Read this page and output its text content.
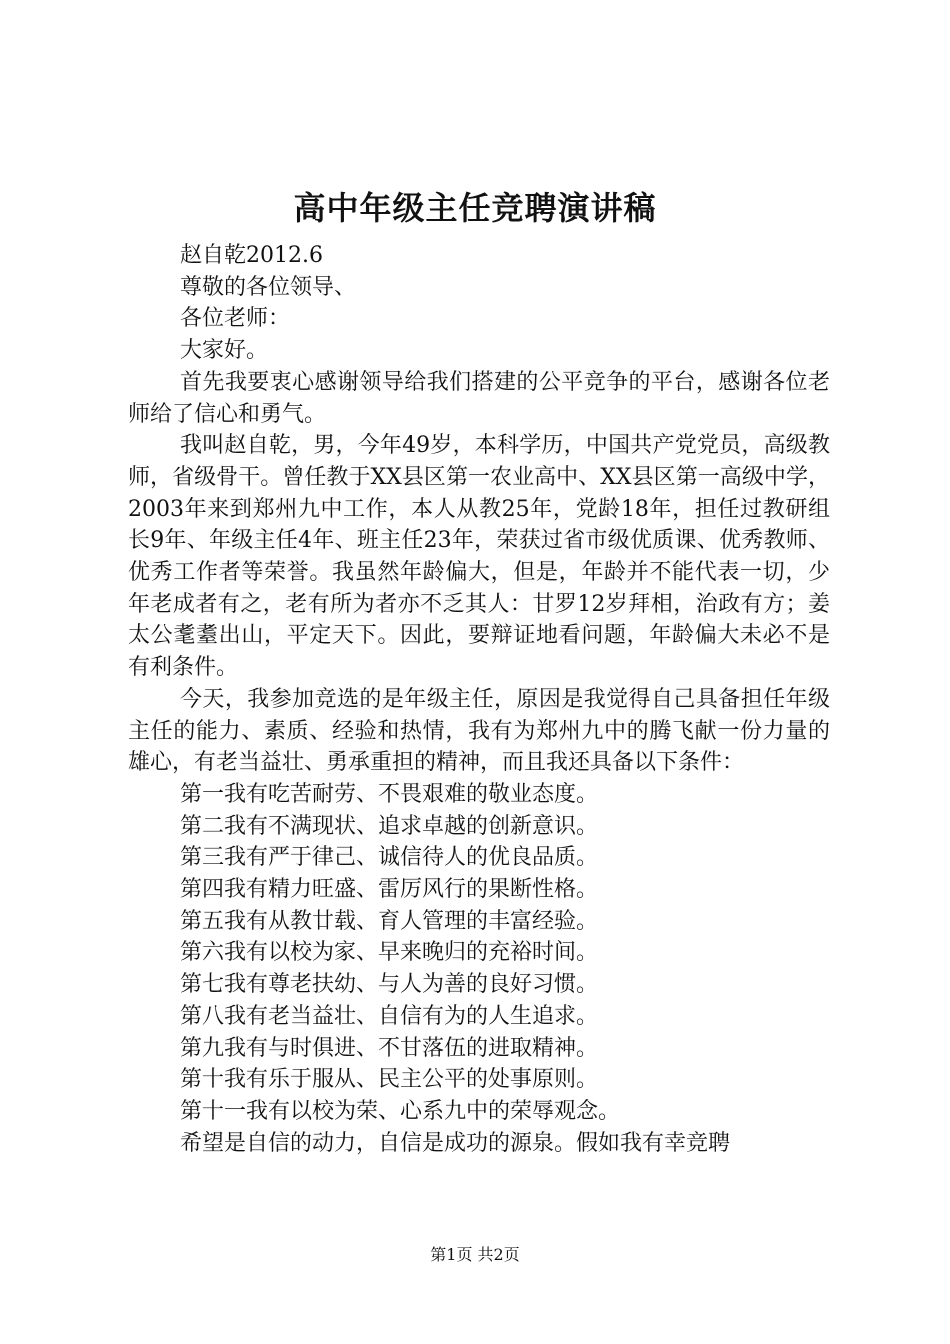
高中年级主任竞聘演讲稿
赵自乾2012.6
尊敬的各位领导、
各位老师：
大家好。
首先我要衷心感谢领导给我们搭建的公平竞争的平台，感谢各位老师给了信心和勇气。
我叫赵自乾，男，今年49岁，本科学历，中国共产党党员，高级教师，省级骨干。曾任教于XX县区第一农业高中、XX县区第一高级中学，2003年来到郑州九中工作，本人从教25年，党龄18年，担任过教研组长9年、年级主任4年、班主任23年，荣获过省市级优质课、优秀教师、优秀工作者等荣誉。我虽然年龄偏大，但是，年龄并不能代表一切，少年老成者有之，老有所为者亦不乏其人：甘罗12岁拜相，治政有方；姜太公耄耋出山，平定天下。因此，要辩证地看问题，年龄偏大未必不是有利条件。
今天，我参加竞选的是年级主任，原因是我觉得自己具备担任年级主任的能力、素质、经验和热情，我有为郑州九中的腾飞献一份力量的雄心，有老当益壮、勇承重担的精神，而且我还具备以下条件：
第一我有吃苦耐劳、不畏艰难的敬业态度。
第二我有不满现状、追求卓越的创新意识。
第三我有严于律己、诚信待人的优良品质。
第四我有精力旺盛、雷厉风行的果断性格。
第五我有从教廿载、育人管理的丰富经验。
第六我有以校为家、早来晚归的充裕时间。
第七我有尊老扶幼、与人为善的良好习惯。
第八我有老当益壮、自信有为的人生追求。
第九我有与时俱进、不甘落伍的进取精神。
第十我有乐于服从、民主公平的处事原则。
第十一我有以校为荣、心系九中的荣辱观念。
希望是自信的动力，自信是成功的源泉。假如我有幸竞聘
第1页 共2页
